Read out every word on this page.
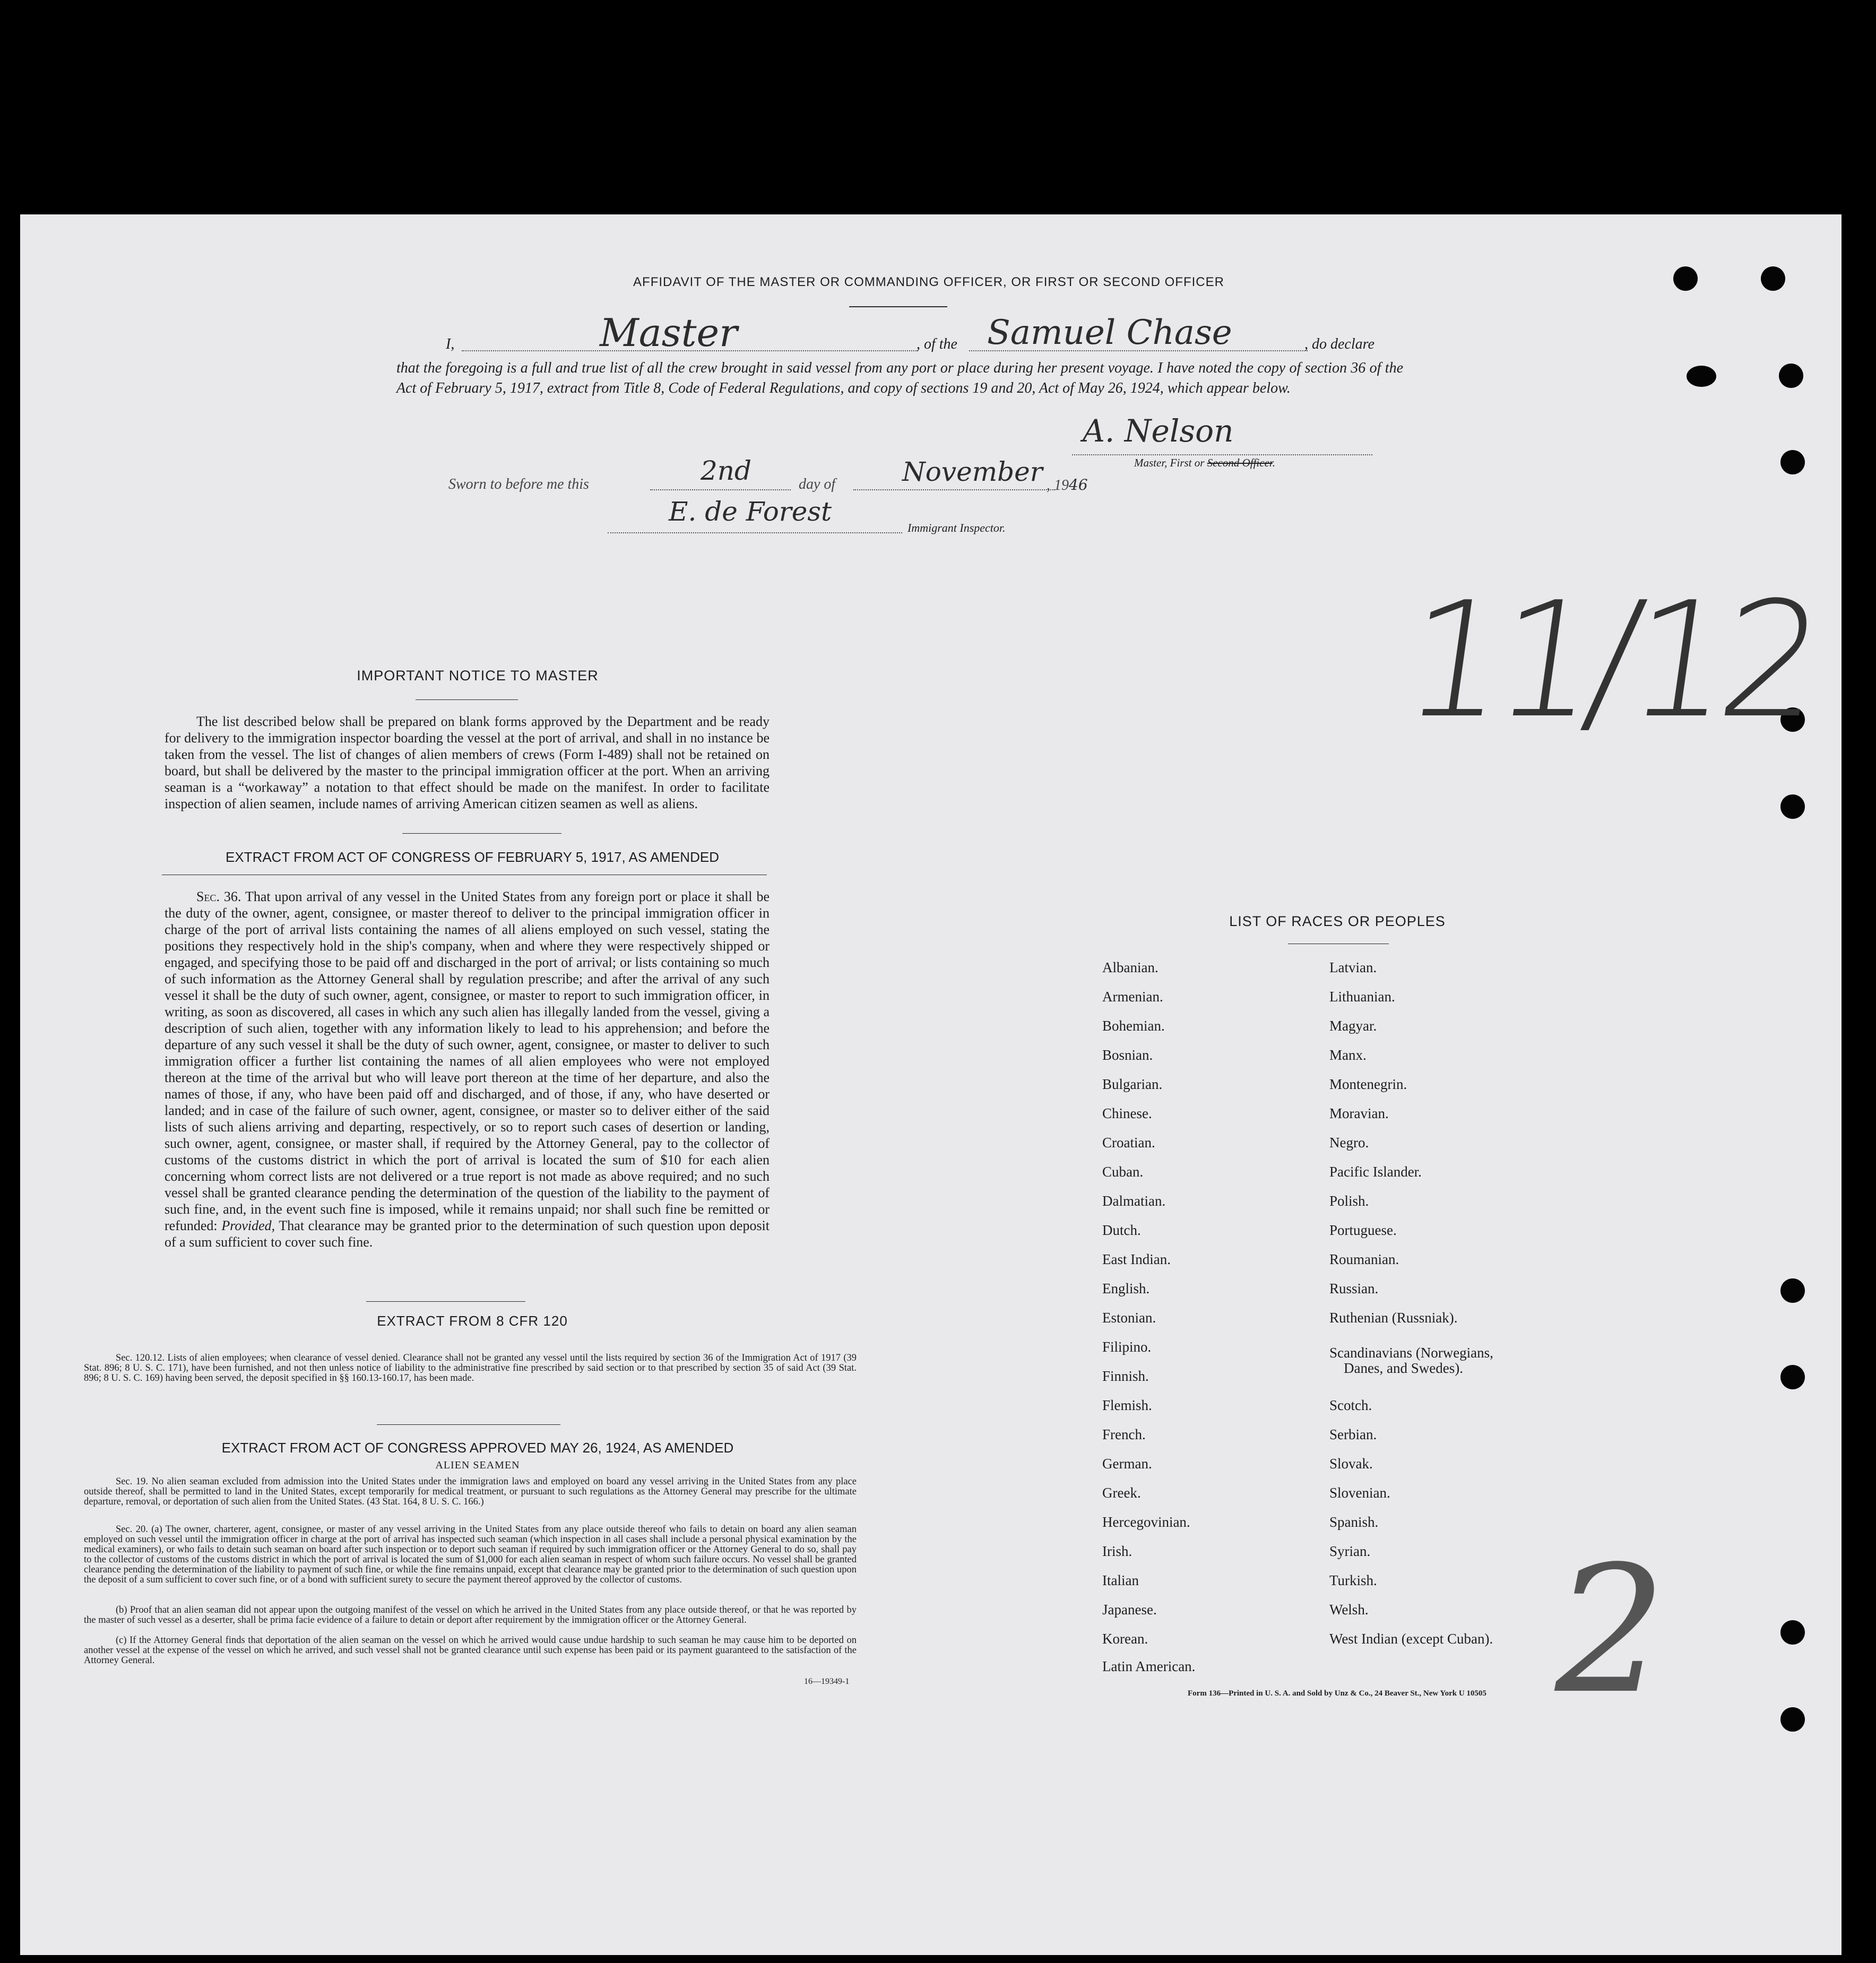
AFFIDAVIT OF THE MASTER OR COMMANDING OFFICER, OR FIRST OR SECOND OFFICER
I,	Master	, of the Samuel Chase	, do declare
that the foregoing is a full and true list of all the crew brought in said vessel from any port or place during her present voyage. I have noted the copy of section 36 of the Act of February 5, 1917, extract from Title 8, Code of Federal Regulations, and copy of sections 19 and 20, Act of May 26, 1924, which appear below.
A. Nelson
Master, First or Second Officer.
Sworn to before me this	2nd	day of	November , 1946
E. de Forest
Immigrant Inspector.
IMPORTANT NOTICE TO MASTER
The list described below shall be prepared on blank forms approved by the Department and be ready for delivery to the immigration inspector boarding the vessel at the port of arrival, and shall in no instance be taken from the vessel. The list of changes of alien members of crews (Form I-489) shall not be retained on board, but shall be delivered by the master to the principal immigration officer at the port. When an arriving seaman is a “workaway” a notation to that effect should be made on the manifest. In order to facilitate inspection of alien seamen, include names of arriving American citizen seamen as well as aliens.
EXTRACT FROM ACT OF CONGRESS OF FEBRUARY 5, 1917, AS AMENDED
Sec. 36. That upon arrival of any vessel in the United States from any foreign port or place it shall be the duty of the owner, agent, consignee, or master thereof to deliver to the principal immigration officer in charge of the port of arrival lists containing the names of all aliens employed on such vessel, stating the positions they respectively hold in the ship's company, when and where they were respectively shipped or engaged, and specifying those to be paid off and discharged in the port of arrival; or lists containing so much of such information as the Attorney General shall by regulation prescribe; and after the arrival of any such vessel it shall be the duty of such owner, agent, consignee, or master to report to such immigration officer, in writing, as soon as discovered, all cases in which any such alien has illegally landed from the vessel, giving a description of such alien, together with any information likely to lead to his apprehension; and before the departure of any such vessel it shall be the duty of such owner, agent, consignee, or master to deliver to such immigration officer a further list containing the names of all alien employees who were not employed thereon at the time of the arrival but who will leave port thereon at the time of her departure, and also the names of those, if any, who have been paid off and discharged, and of those, if any, who have deserted or landed; and in case of the failure of such owner, agent, consignee, or master so to deliver either of the said lists of such aliens arriving and departing, respectively, or so to report such cases of desertion or landing, such owner, agent, consignee, or master shall, if required by the Attorney General, pay to the collector of customs of the customs district in which the port of arrival is located the sum of $10 for each alien concerning whom correct lists are not delivered or a true report is not made as above required; and no such vessel shall be granted clearance pending the determination of the question of the liability to the payment of such fine, and, in the event such fine is imposed, while it remains unpaid; nor shall such fine be remitted or refunded: Provided, That clearance may be granted prior to the determination of such question upon deposit of a sum sufficient to cover such fine.
EXTRACT FROM 8 CFR 120
Sec. 120.12. Lists of alien employees; when clearance of vessel denied. Clearance shall not be granted any vessel until the lists required by section 36 of the Immigration Act of 1917 (39 Stat. 896; 8 U. S. C. 171), have been furnished, and not then unless notice of liability to the administrative fine prescribed by said section or to that prescribed by section 35 of said Act (39 Stat. 896; 8 U. S. C. 169) having been served, the deposit specified in §§ 160.13-160.17, has been made.
EXTRACT FROM ACT OF CONGRESS APPROVED MAY 26, 1924, AS AMENDED
ALIEN SEAMEN
Sec. 19. No alien seaman excluded from admission into the United States under the immigration laws and employed on board any vessel arriving in the United States from any place outside thereof, shall be permitted to land in the United States, except temporarily for medical treatment, or pursuant to such regulations as the Attorney General may prescribe for the ultimate departure, removal, or deportation of such alien from the United States. (43 Stat. 164, 8 U. S. C. 166.)
Sec. 20. (a) The owner, charterer, agent, consignee, or master of any vessel arriving in the United States from any place outside thereof who fails to detain on board any alien seaman employed on such vessel until the immigration officer in charge at the port of arrival has inspected such seaman (which inspection in all cases shall include a personal physical examination by the medical examiners), or who fails to detain such seaman on board after such inspection or to deport such seaman if required by such immigration officer or the Attorney General to do so, shall pay to the collector of customs of the customs district in which the port of arrival is located the sum of $1,000 for each alien seaman in respect of whom such failure occurs. No vessel shall be granted clearance pending the determination of the liability to payment of such fine, or while the fine remains unpaid, except that clearance may be granted prior to the determination of such question upon the deposit of a sum sufficient to cover such fine, or of a bond with sufficient surety to secure the payment thereof approved by the collector of customs.
(b) Proof that an alien seaman did not appear upon the outgoing manifest of the vessel on which he arrived in the United States from any place outside thereof, or that he was reported by the master of such vessel as a deserter, shall be prima facie evidence of a failure to detain or deport after requirement by the immigration officer or the Attorney General.
(c) If the Attorney General finds that deportation of the alien seaman on the vessel on which he arrived would cause undue hardship to such seaman he may cause him to be deported on another vessel at the expense of the vessel on which he arrived, and such vessel shall not be granted clearance until such expense has been paid or its payment guaranteed to the satisfaction of the Attorney General.
16—19349-1
LIST OF RACES OR PEOPLES
Albanian.
Armenian.
Bohemian.
Bosnian.
Bulgarian.
Chinese.
Croatian.
Cuban.
Dalmatian.
Dutch.
East Indian.
English.
Estonian.
Filipino.
Finnish.
Flemish.
French.
German.
Greek.
Hercegovinian.
Irish.
Italian
Japanese.
Korean.
Latin American.
Latvian.
Lithuanian.
Magyar.
Manx.
Montenegrin.
Moravian.
Negro.
Pacific Islander.
Polish.
Portuguese.
Roumanian.
Russian.
Ruthenian (Russniak).
Scandinavians (Norwegians,
Danes, and Swedes).
Scotch.
Serbian.
Slovak.
Slovenian.
Spanish.
Syrian.
Turkish.
Welsh.
West Indian (except Cuban).
Form 136—Printed in U. S. A. and Sold by Unz & Co., 24 Beaver St., New York U 10505
11/12
2
